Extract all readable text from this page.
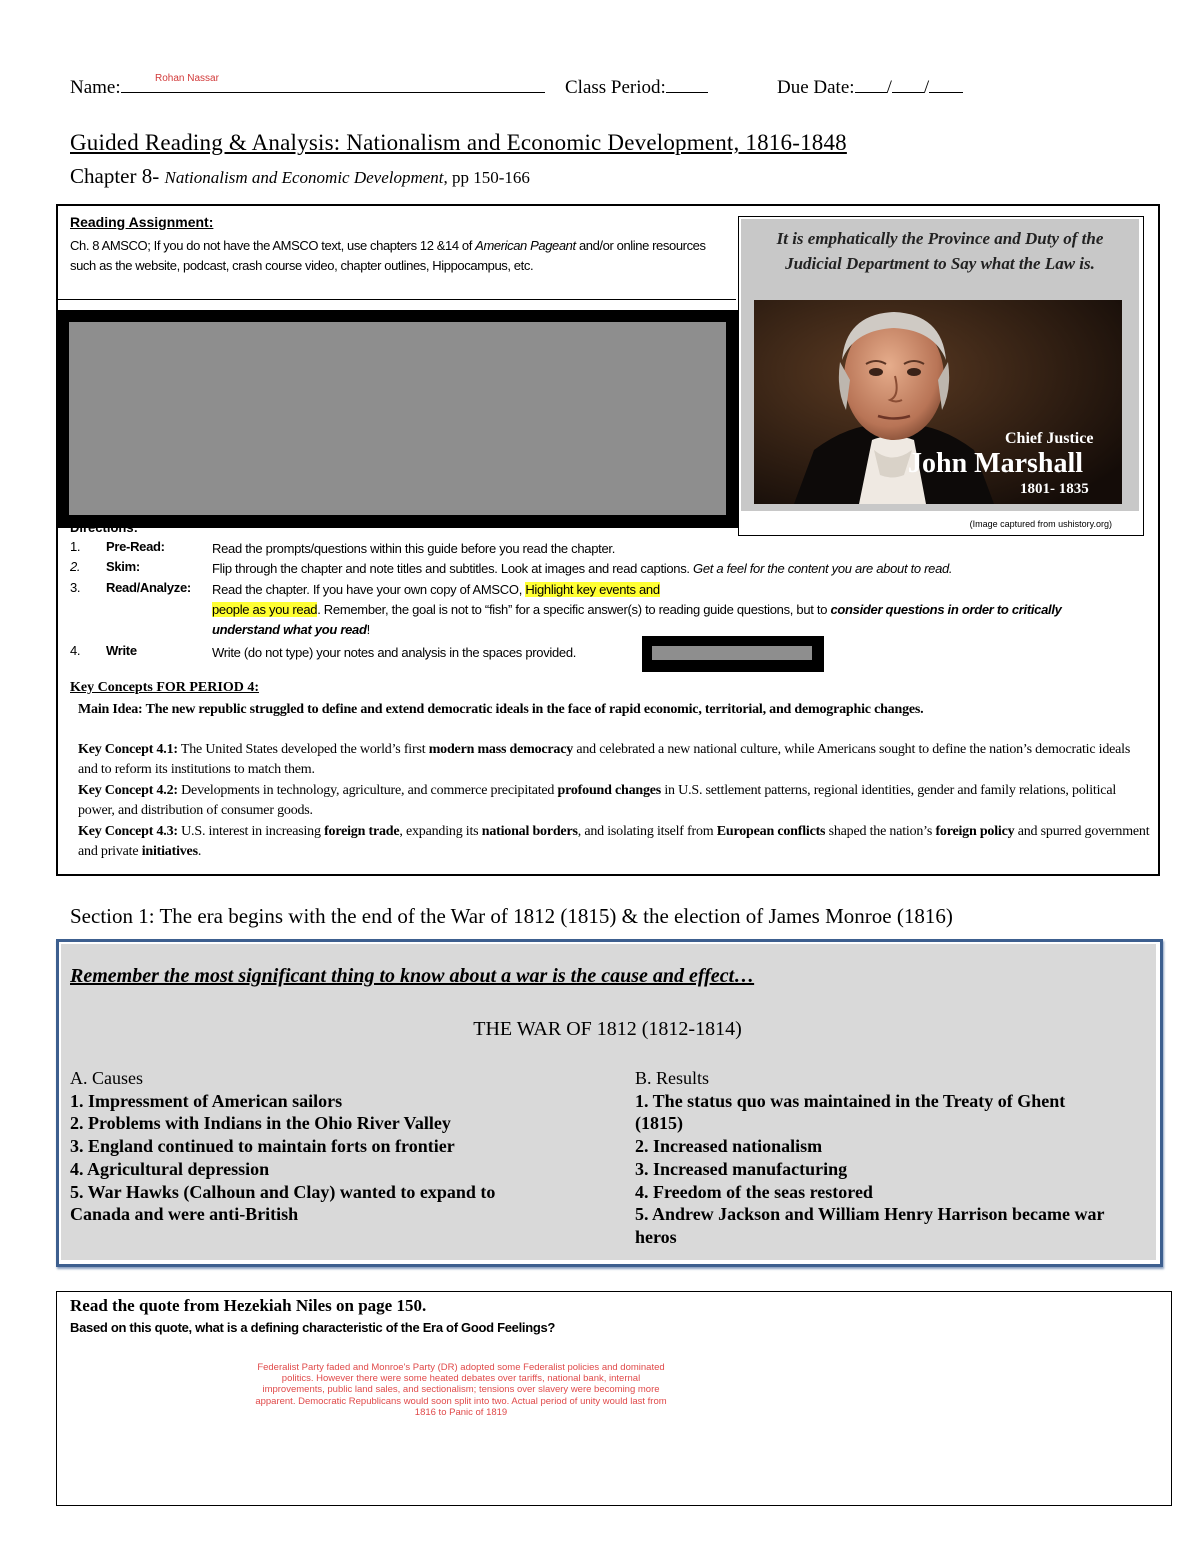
Name:	Rohan Nassar	Class Period:	Due Date: / /
Guided Reading & Analysis: Nationalism and Economic Development, 1816-1848
Chapter 8- Nationalism and Economic Development, pp 150-166
Reading Assignment:
Ch. 8 AMSCO; If you do not have the AMSCO text, use chapters 12 &14 of American Pageant and/or online resources such as the website, podcast, crash course video, chapter outlines, Hippocampus, etc.
It is emphatically the Province and Duty of the Judicial Department to Say what the Law is.
Chief Justice
John Marshall
1801- 1835
(Image captured from ushistory.org)
Directions:
1. Pre-Read:	Read the prompts/questions within this guide before you read the chapter.
2. Skim:	Flip through the chapter and note titles and subtitles. Look at images and read captions. Get a feel for the content you are about to read.
3. Read/Analyze: Read the chapter. If you have your own copy of AMSCO, Highlight key events and
people as you read. Remember, the goal is not to “fish” for a specific answer(s) to reading guide questions, but to consider questions in order to critically understand what you read!
4. Write	Write (do not type) your notes and analysis in the spaces provided.
Key Concepts FOR PERIOD 4:
Main Idea: The new republic struggled to define and extend democratic ideals in the face of rapid economic, territorial, and demographic changes.
Key Concept 4.1: The United States developed the world’s first modern mass democracy and celebrated a new national culture, while Americans sought to define the nation’s democratic ideals and to reform its institutions to match them.
Key Concept 4.2: Developments in technology, agriculture, and commerce precipitated profound changes in U.S. settlement patterns, regional identities, gender and family relations, political power, and distribution of consumer goods.
Key Concept 4.3: U.S. interest in increasing foreign trade, expanding its national borders, and isolating itself from European conflicts shaped the nation’s foreign policy and spurred government and private initiatives.
Section 1: The era begins with the end of the War of 1812 (1815) & the election of James Monroe (1816)
Remember the most significant thing to know about a war is the cause and effect…
THE WAR OF 1812 (1812-1814)
A. Causes
1. Impressment of American sailors
2. Problems with Indians in the Ohio River Valley
3. England continued to maintain forts on frontier
4. Agricultural depression
5. War Hawks (Calhoun and Clay) wanted to expand to Canada and were anti-British
B. Results
1. The status quo was maintained in the Treaty of Ghent (1815)
2. Increased nationalism
3. Increased manufacturing
4. Freedom of the seas restored
5. Andrew Jackson and William Henry Harrison became war heros
Read the quote from Hezekiah Niles on page 150.
Based on this quote, what is a defining characteristic of the Era of Good Feelings?
Federalist Party faded and Monroe's Party (DR) adopted some Federalist policies and dominated politics. However there were some heated debates over tariffs, national bank, internal improvements, public land sales, and sectionalism; tensions over slavery were becoming more apparent. Democratic Republicans would soon split into two. Actual period of unity would last from 1816 to Panic of 1819
